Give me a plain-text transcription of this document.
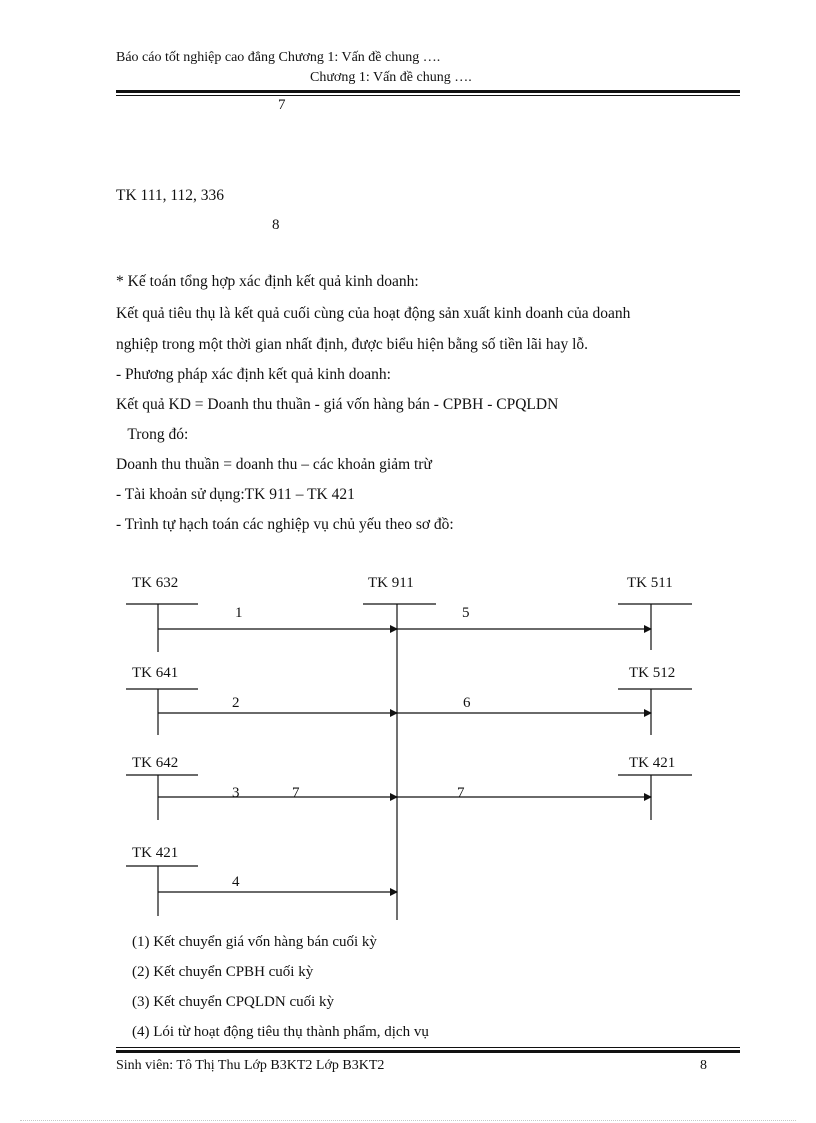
Báo cáo tốt nghiệp cao đẳng Chương 1: Vấn đề chung ….
Chương 1: Vấn đề chung ….
7
TK 111, 112, 336
8
* Kế toán tổng hợp xác định kết quả kinh doanh:
Kết quả tiêu thụ là kết quả cuối cùng của hoạt động sản xuất kinh doanh của doanh
nghiệp trong một thời gian nhất định, được biểu hiện bằng số tiền lãi hay lỗ.
- Phương pháp xác định kết quả kinh doanh:
Kết quả KD = Doanh thu thuần - giá vốn hàng bán - CPBH - CPQLDN
Trong đó:
Doanh thu thuần = doanh thu – các khoản giảm trừ
- Tài khoản sử dụng:TK 911 – TK 421
- Trình tự hạch toán các nghiệp vụ chủ yếu theo sơ đồ:
TK 632	TK 911	TK 511
1	5
TK 641	TK 512
2	6
TK 642	TK 421
3	7	7
TK 421
4
(1) Kết chuyển giá vốn hàng bán cuối kỳ
(2) Kết chuyển CPBH cuối kỳ
(3) Kết chuyển CPQLDN cuối kỳ
(4) Lói từ hoạt động tiêu thụ thành phẩm, dịch vụ
Sinh viên: Tô Thị Thu Lớp B3KT2 Lớp B3KT2	8
